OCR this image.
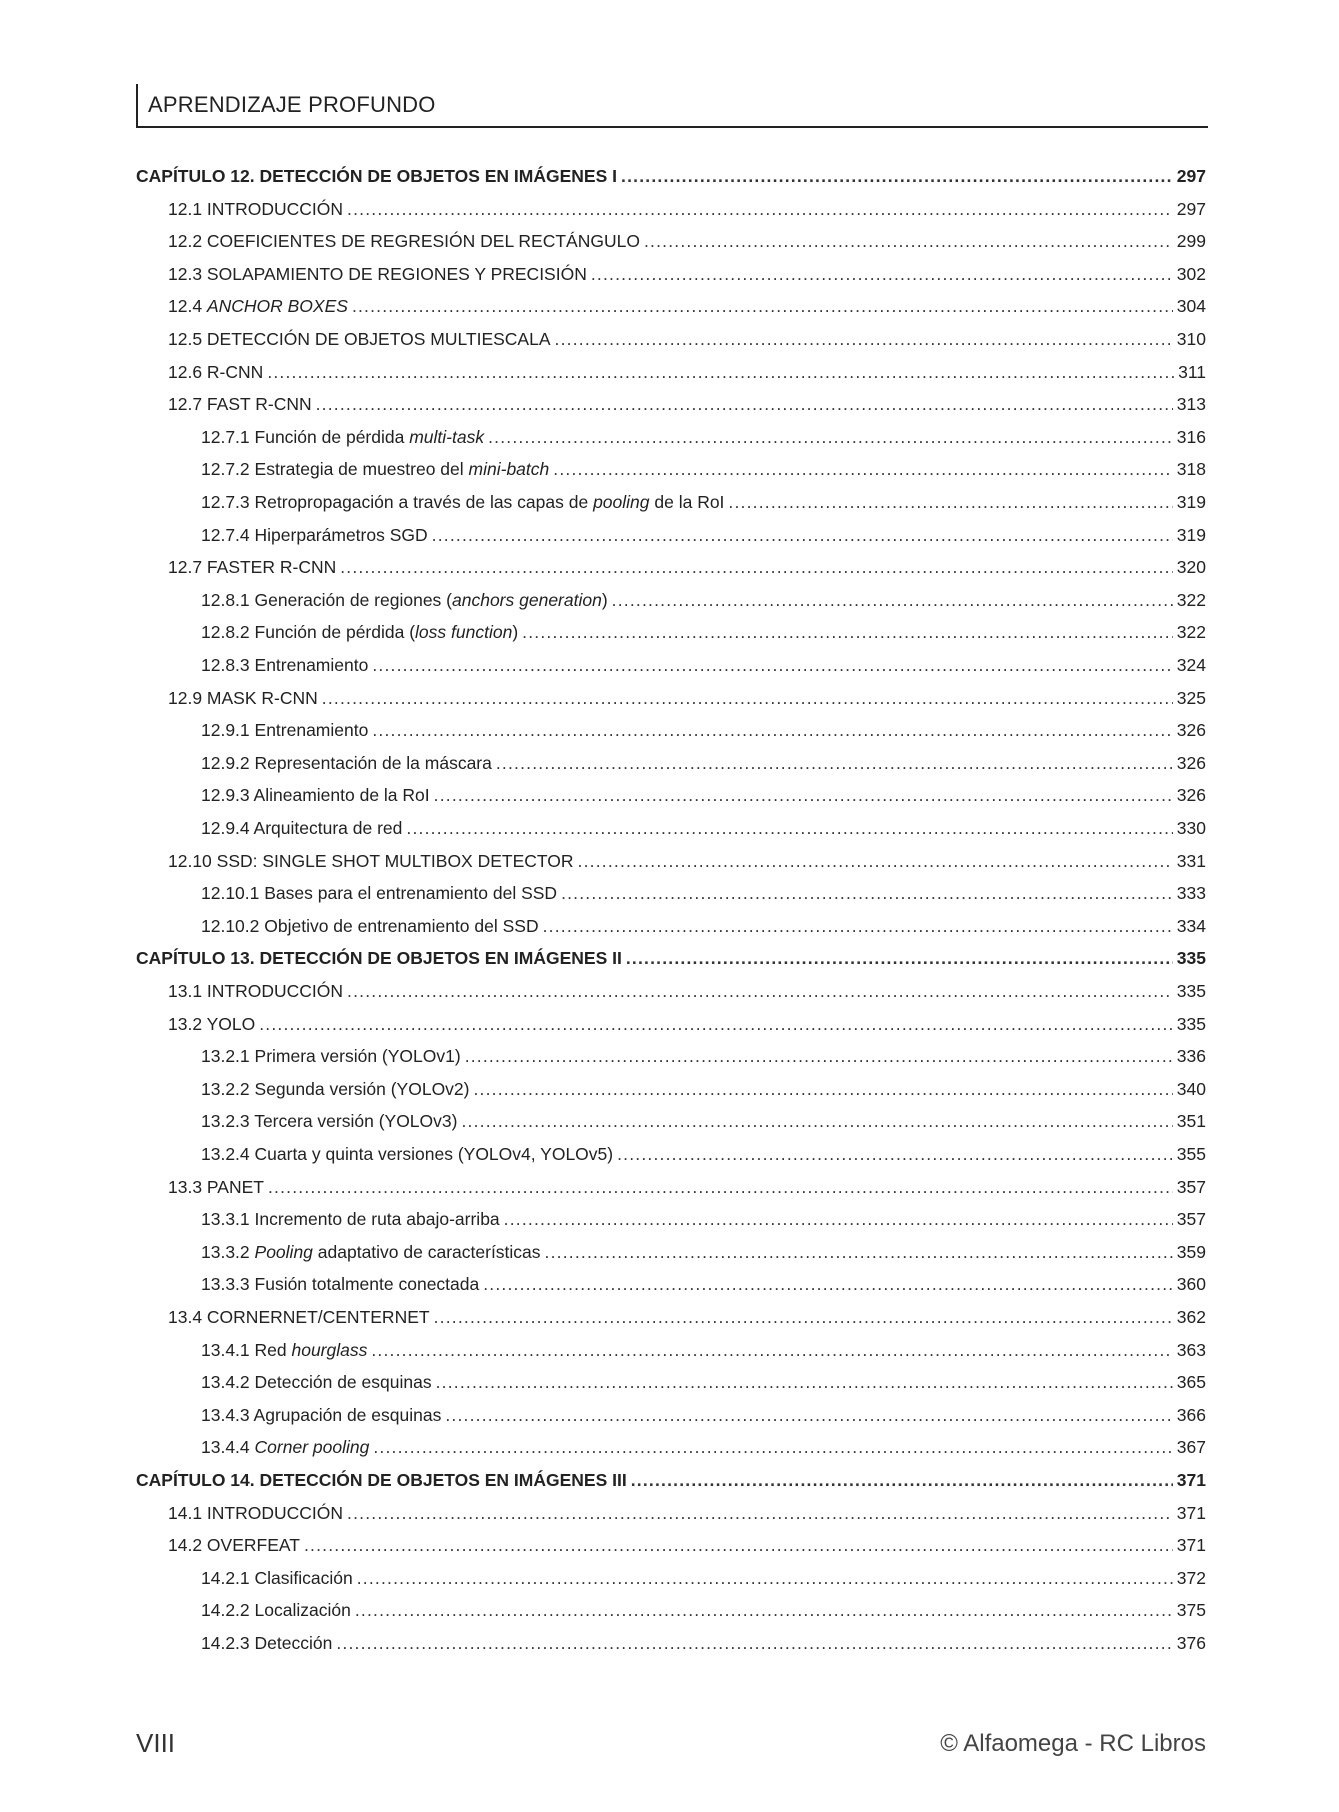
APRENDIZAJE PROFUNDO
CAPÍTULO 12. DETECCIÓN DE OBJETOS EN IMÁGENES I .....	297
12.1 INTRODUCCIÓN .....	297
12.2 COEFICIENTES DE REGRESIÓN DEL RECTÁNGULO .....	299
12.3 SOLAPAMIENTO DE REGIONES Y PRECISIÓN .....	302
12.4 ANCHOR BOXES .....	304
12.5 DETECCIÓN DE OBJETOS MULTIESCALA .....	310
12.6 R-CNN .....	311
12.7 FAST R-CNN .....	313
12.7.1 Función de pérdida multi-task .....	316
12.7.2 Estrategia de muestreo del mini-batch .....	318
12.7.3 Retropropagación a través de las capas de pooling de la RoI .....	319
12.7.4 Hiperparámetros SGD .....	319
12.7 FASTER R-CNN .....	320
12.8.1 Generación de regiones (anchors generation) .....	322
12.8.2 Función de pérdida (loss function) .....	322
12.8.3 Entrenamiento .....	324
12.9 MASK R-CNN .....	325
12.9.1 Entrenamiento .....	326
12.9.2 Representación de la máscara .....	326
12.9.3 Alineamiento de la RoI .....	326
12.9.4 Arquitectura de red .....	330
12.10 SSD: SINGLE SHOT MULTIBOX DETECTOR .....	331
12.10.1 Bases para el entrenamiento del SSD .....	333
12.10.2 Objetivo de entrenamiento del SSD .....	334
CAPÍTULO 13. DETECCIÓN DE OBJETOS EN IMÁGENES II .....	335
13.1 INTRODUCCIÓN .....	335
13.2 YOLO .....	335
13.2.1 Primera versión (YOLOv1) .....	336
13.2.2 Segunda versión (YOLOv2) .....	340
13.2.3 Tercera versión (YOLOv3) .....	351
13.2.4 Cuarta y quinta versiones (YOLOv4, YOLOv5) .....	355
13.3 PANET .....	357
13.3.1 Incremento de ruta abajo-arriba .....	357
13.3.2 Pooling adaptativo de características .....	359
13.3.3 Fusión totalmente conectada .....	360
13.4 CORNERNET/CENTERNET .....	362
13.4.1 Red hourglass .....	363
13.4.2 Detección de esquinas .....	365
13.4.3 Agrupación de esquinas .....	366
13.4.4 Corner pooling .....	367
CAPÍTULO 14. DETECCIÓN DE OBJETOS EN IMÁGENES III .....	371
14.1 INTRODUCCIÓN .....	371
14.2 OVERFEAT .....	371
14.2.1 Clasificación .....	372
14.2.2 Localización .....	375
14.2.3 Detección .....	376
VIII	© Alfaomega - RC Libros
